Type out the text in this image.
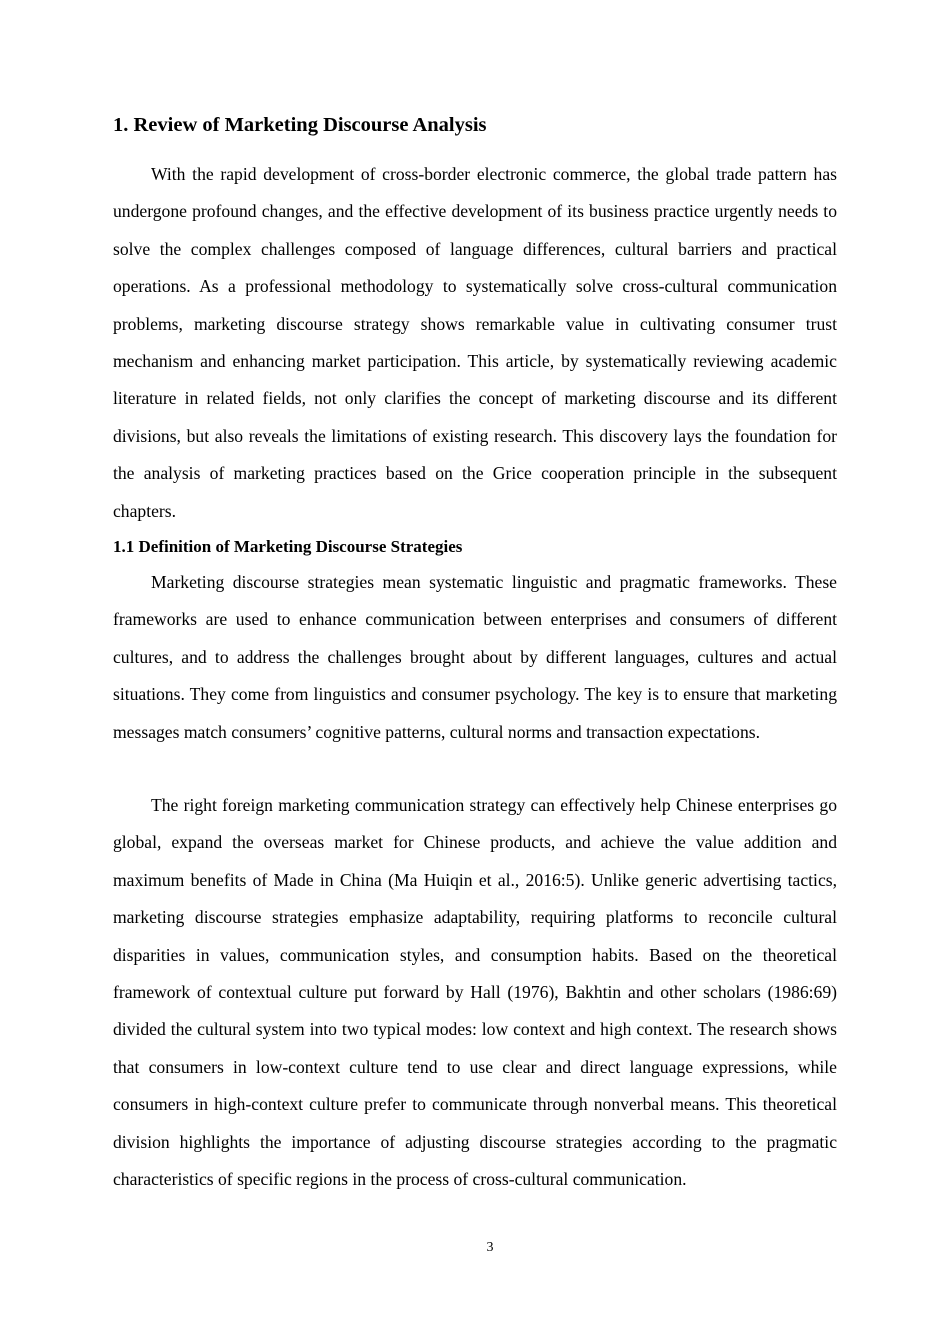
1. Review of Marketing Discourse Analysis

With the rapid development of cross-border electronic commerce, the global trade pattern has undergone profound changes, and the effective development of its business practice urgently needs to solve the complex challenges composed of language differences, cultural barriers and practical operations. As a professional methodology to systematically solve cross-cultural communication problems, marketing discourse strategy shows remarkable value in cultivating consumer trust mechanism and enhancing market participation. This article, by systematically reviewing academic literature in related fields, not only clarifies the concept of marketing discourse and its different divisions, but also reveals the limitations of existing research. This discovery lays the foundation for the analysis of marketing practices based on the Grice cooperation principle in the subsequent chapters.

1.1 Definition of Marketing Discourse Strategies

Marketing discourse strategies mean systematic linguistic and pragmatic frameworks. These frameworks are used to enhance communication between enterprises and consumers of different cultures, and to address the challenges brought about by different languages, cultures and actual situations. They come from linguistics and consumer psychology. The key is to ensure that marketing messages match consumers’ cognitive patterns, cultural norms and transaction expectations.

The right foreign marketing communication strategy can effectively help Chinese enterprises go global, expand the overseas market for Chinese products, and achieve the value addition and maximum benefits of Made in China (Ma Huiqin et al., 2016:5). Unlike generic advertising tactics, marketing discourse strategies emphasize adaptability, requiring platforms to reconcile cultural disparities in values, communication styles, and consumption habits. Based on the theoretical framework of contextual culture put forward by Hall (1976), Bakhtin and other scholars (1986:69) divided the cultural system into two typical modes: low context and high context. The research shows that consumers in low-context culture tend to use clear and direct language expressions, while consumers in high-context culture prefer to communicate through nonverbal means. This theoretical division highlights the importance of adjusting discourse strategies according to the pragmatic characteristics of specific regions in the process of cross-cultural communication.

3
